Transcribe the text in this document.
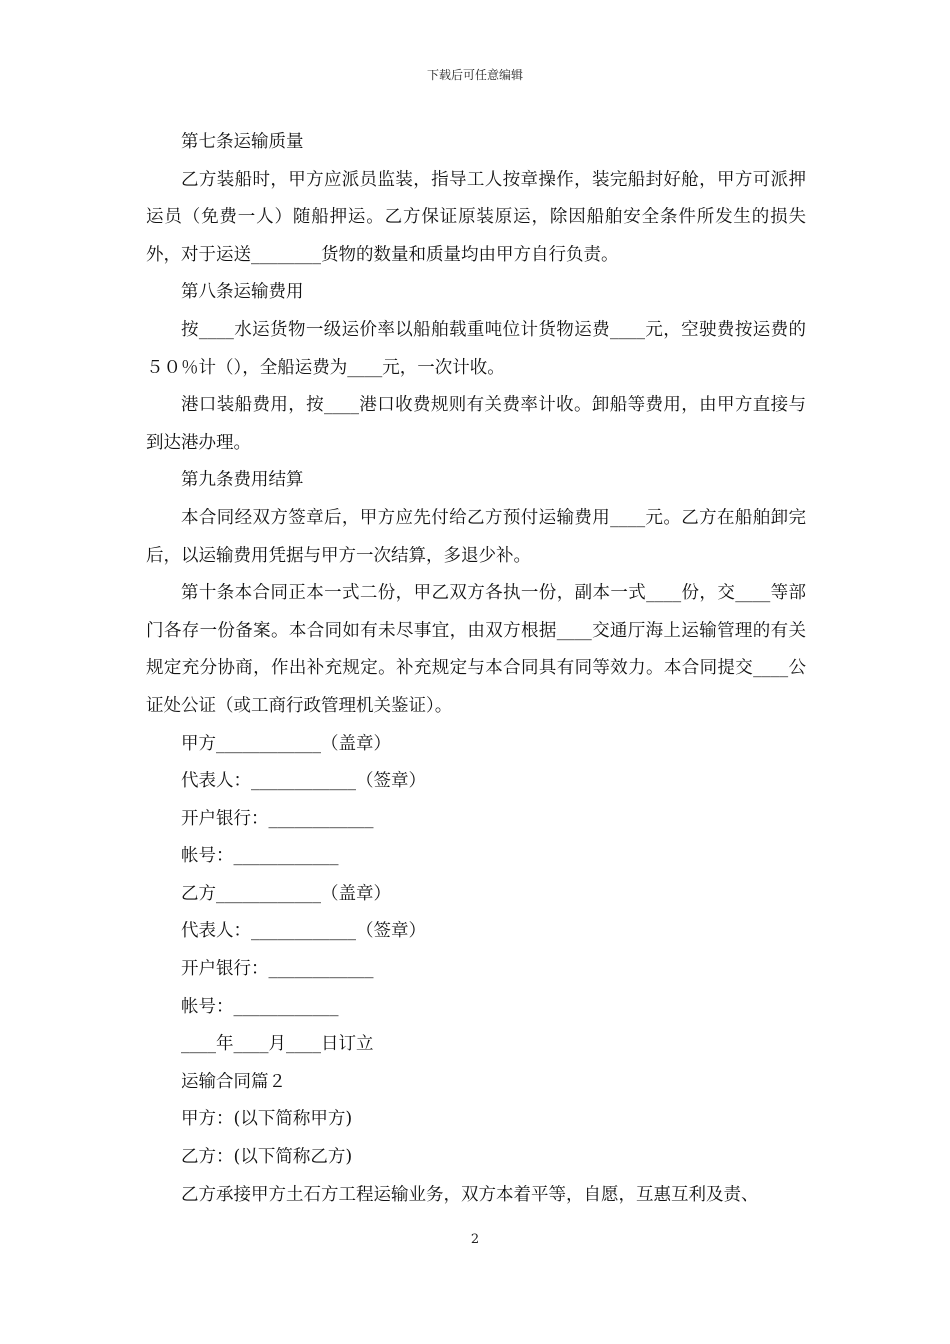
下载后可任意编辑

第七条运输质量

乙方装船时，甲方应派员监装，指导工人按章操作，装完船封好舱，甲方可派押运员（免费一人）随船押运。乙方保证原装原运，除因船舶安全条件所发生的损失外，对于运送________货物的数量和质量均由甲方自行负责。

第八条运输费用

按____水运货物一级运价率以船舶载重吨位计货物运费____元，空驶费按运费的５０％计（），全船运费为____元，一次计收。

港口装船费用，按____港口收费规则有关费率计收。卸船等费用，由甲方直接与到达港办理。

第九条费用结算

本合同经双方签章后，甲方应先付给乙方预付运输费用____元。乙方在船舶卸完后，以运输费用凭据与甲方一次结算，多退少补。

第十条本合同正本一式二份，甲乙双方各执一份，副本一式____份，交____等部门各存一份备案。本合同如有未尽事宜，由双方根据____交通厅海上运输管理的有关规定充分协商，作出补充规定。补充规定与本合同具有同等效力。本合同提交____公证处公证（或工商行政管理机关鉴证）。

甲方____________（盖章）

代表人：____________（签章）

开户银行：____________

帐号：____________

乙方____________（盖章）

代表人：____________（签章）

开户银行：____________

帐号：____________

____年____月____日订立

运输合同篇２

甲方：(以下简称甲方)

乙方：(以下简称乙方)

乙方承接甲方土石方工程运输业务，双方本着平等，自愿，互惠互利及责、

2
